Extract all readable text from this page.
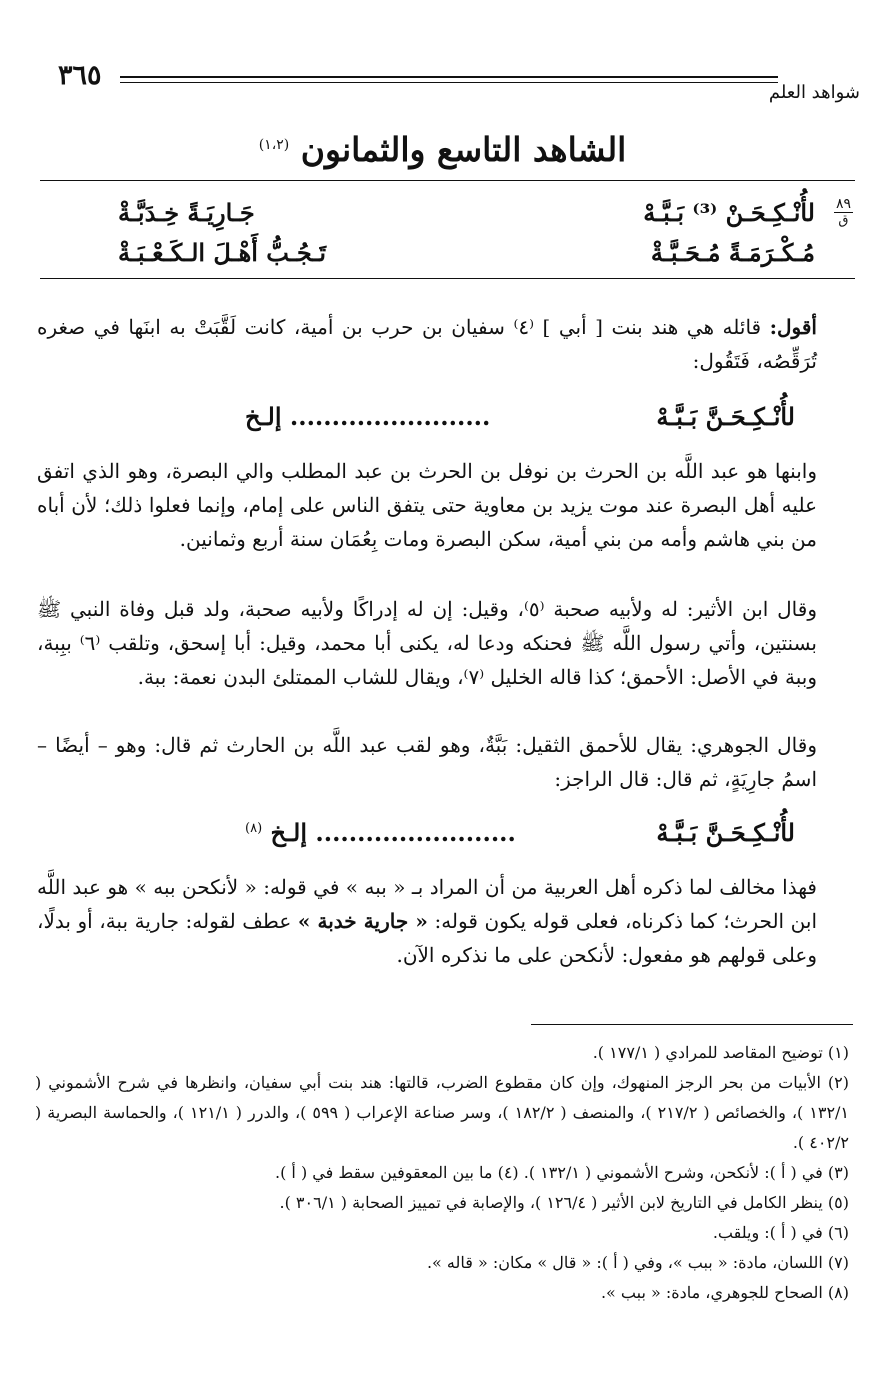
٣٦٥
شواهد العلم
الشاهد التاسع والثمانون $^{(١،٢)}$
٨٩
ق
لأُنْـكِـحَـنْ ⁽³⁾ بَـبَّـهْ
جَـارِيَـةً خِـدَبَّـةْ
مُـكْـرَمَـةً مُـحَـبَّـةْ
تَـجُـبُّ أَهْـلَ الـكَـعْـبَـةْ

أقول: قائله هي هند بنت [ أبي ] ⁽٤⁾ سفيان بن حرب بن أمية، كانت لَقَّبَتْ به ابنَها في صغره تُرَقِّصُه، فَتَقُول:

لأُنْـكِـحَـنَّ بَـبَّـهْ
........................ إلـخ

وابنها هو عبد اللَّه بن الحرث بن نوفل بن الحرث بن عبد المطلب والي البصرة، وهو الذي اتفق عليه أهل البصرة عند موت يزيد بن معاوية حتى يتفق الناس على إمام، وإنما فعلوا ذلك؛ لأن أباه من بني هاشم وأمه من بني أمية، سكن البصرة ومات بِعُمَان سنة أربع وثمانين.

وقال ابن الأثير: له ولأبيه صحبة ⁽٥⁾، وقيل: إن له إدراكًا ولأبيه صحبة، ولد قبل وفاة النبي ﷺ بسنتين، وأتي رسول اللَّه ﷺ فحنكه ودعا له، يكنى أبا محمد، وقيل: أبا إسحق، وتلقب ⁽٦⁾ ببِبة، وببة في الأصل: الأحمق؛ كذا قاله الخليل ⁽٧⁾، ويقال للشاب الممتلئ البدن نعمة: ببة.

وقال الجوهري: يقال للأحمق الثقيل: بَبَّةٌ، وهو لقب عبد اللَّه بن الحارث ثم قال: وهو – أيضًا – اسمُ جارِيَةٍ، ثم قال: قال الراجز:

لأُنْـكِـحَـنَّ بَـبَّـهْ
........................ إلـخ $^{(٨)}$

فهذا مخالف لما ذكره أهل العربية من أن المراد بـ « ببه » في قوله: « لأنكحن ببه » هو عبد اللَّه ابن الحرث؛ كما ذكرناه، فعلى قوله يكون قوله: « جارية خدبة » عطف لقوله: جارية ببة، أو بدلًا، وعلى قولهم هو مفعول: لأنكحن على ما نذكره الآن.

(١) توضيح المقاصد للمرادي ( ١٧٧/١ ).

(٢) الأبيات من بحر الرجز المنهوك، وإن كان مقطوع الضرب، قالتها: هند بنت أبي سفيان، وانظرها في شرح الأشموني ( ١٣٢/١ )، والخصائص ( ٢١٧/٢ )، والمنصف ( ١٨٢/٢ )، وسر صناعة الإعراب ( ٥٩٩ )، والدرر ( ١٢١/١ )، والحماسة البصرية ( ٤٠٢/٢ ).

(٣) في ( أ ): لأنكحن، وشرح الأشموني ( ١٣٢/١ ). (٤) ما بين المعقوفين سقط في ( أ ).

(٥) ينظر الكامل في التاريخ لابن الأثير ( ١٢٦/٤ )، والإصابة في تمييز الصحابة ( ٣٠٦/١ ).

(٦) في ( أ ): ويلقب.

(٧) اللسان، مادة: « ببب »، وفي ( أ ): « قال » مكان: « قاله ».

(٨) الصحاح للجوهري، مادة: « ببب ».
